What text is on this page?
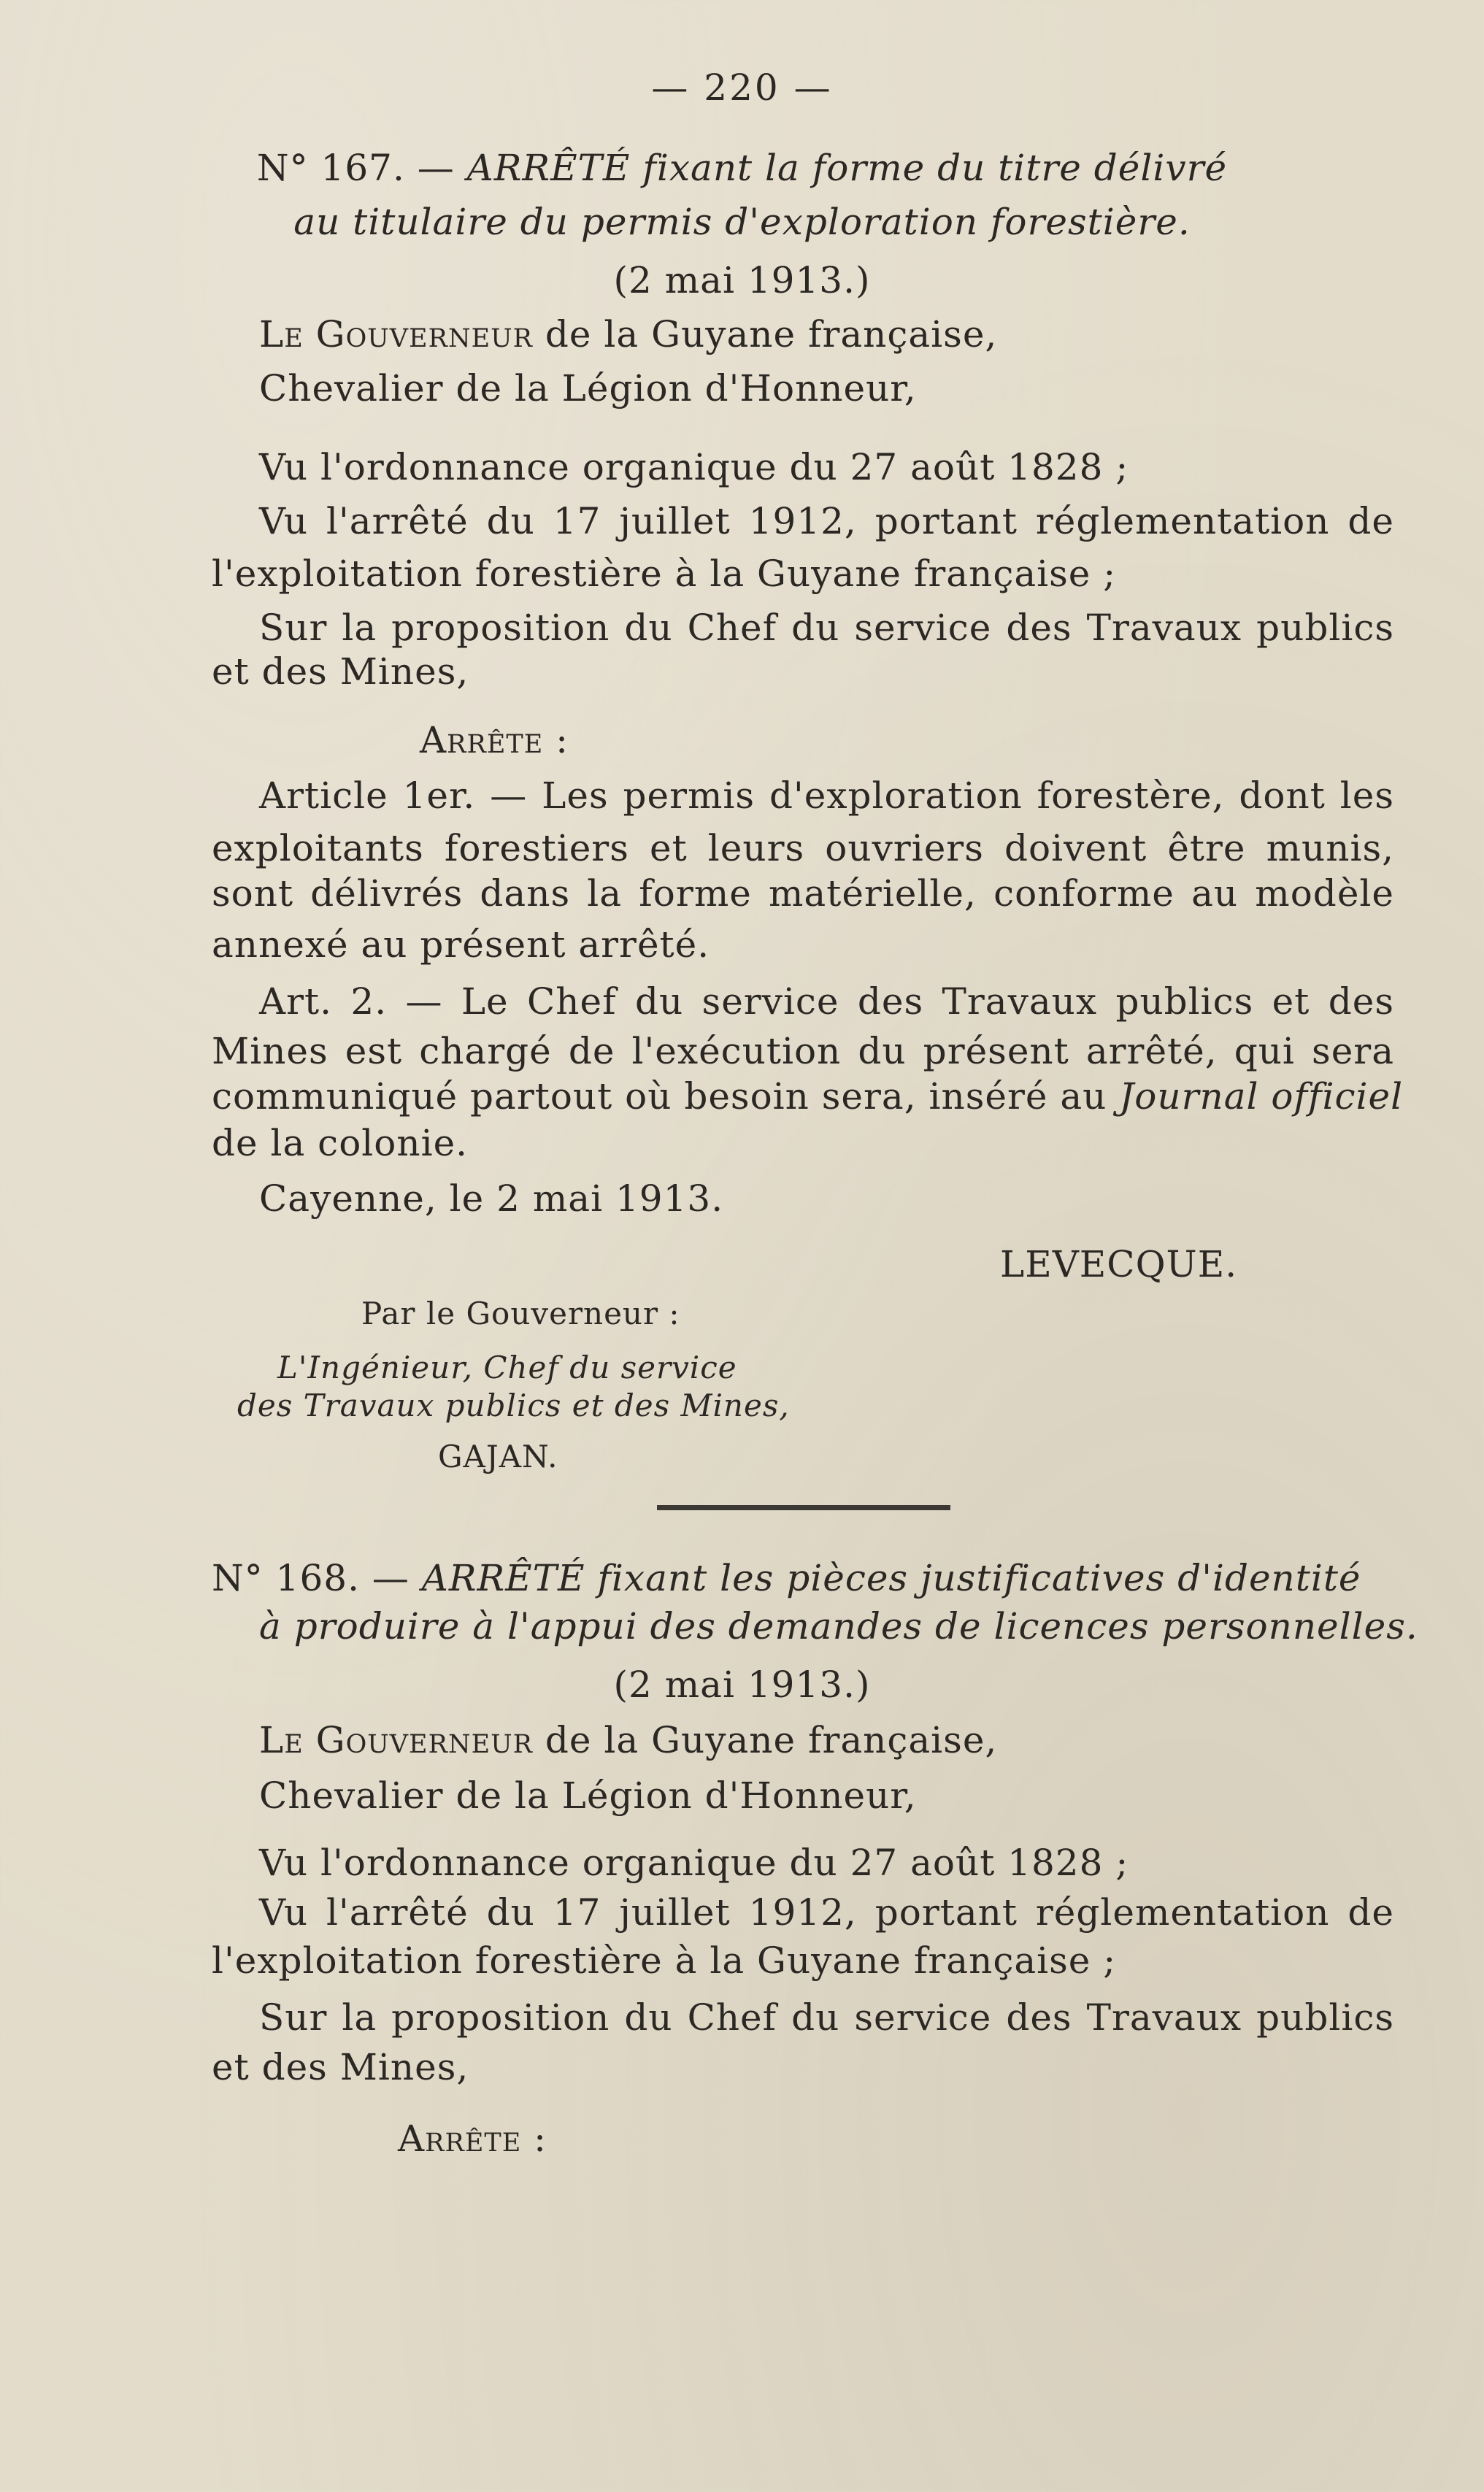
— 220 —
N° 167. — ARRÊTÉ fixant la forme du titre délivré
au titulaire du permis d'exploration forestière.
(2 mai 1913.)
Le Gouverneur de la Guyane française,
Chevalier de la Légion d'Honneur,
Vu l'ordonnance organique du 27 août 1828 ;
Vu l'arrêté du 17 juillet 1912, portant réglementation de
l'exploitation forestière à la Guyane française ;
Sur la proposition du Chef du service des Travaux publics
et des Mines,
Arrête :
Article 1er. — Les permis d'exploration forestère, dont les
exploitants forestiers et leurs ouvriers doivent être munis,
sont délivrés dans la forme matérielle, conforme au modèle
annexé au présent arrêté.
Art. 2. — Le Chef du service des Travaux publics et des
Mines est chargé de l'exécution du présent arrêté, qui sera
communiqué partout où besoin sera, inséré au Journal officiel
de la colonie.
Cayenne, le 2 mai 1913.
LEVECQUE.
Par le Gouverneur :
L'Ingénieur, Chef du service
des Travaux publics et des Mines,
GAJAN.
N° 168. — ARRÊTÉ fixant les pièces justificatives d'identité
à produire à l'appui des demandes de licences personnelles.
(2 mai 1913.)
Le Gouverneur de la Guyane française,
Chevalier de la Légion d'Honneur,
Vu l'ordonnance organique du 27 août 1828 ;
Vu l'arrêté du 17 juillet 1912, portant réglementation de
l'exploitation forestière à la Guyane française ;
Sur la proposition du Chef du service des Travaux publics
et des Mines,
Arrête :
